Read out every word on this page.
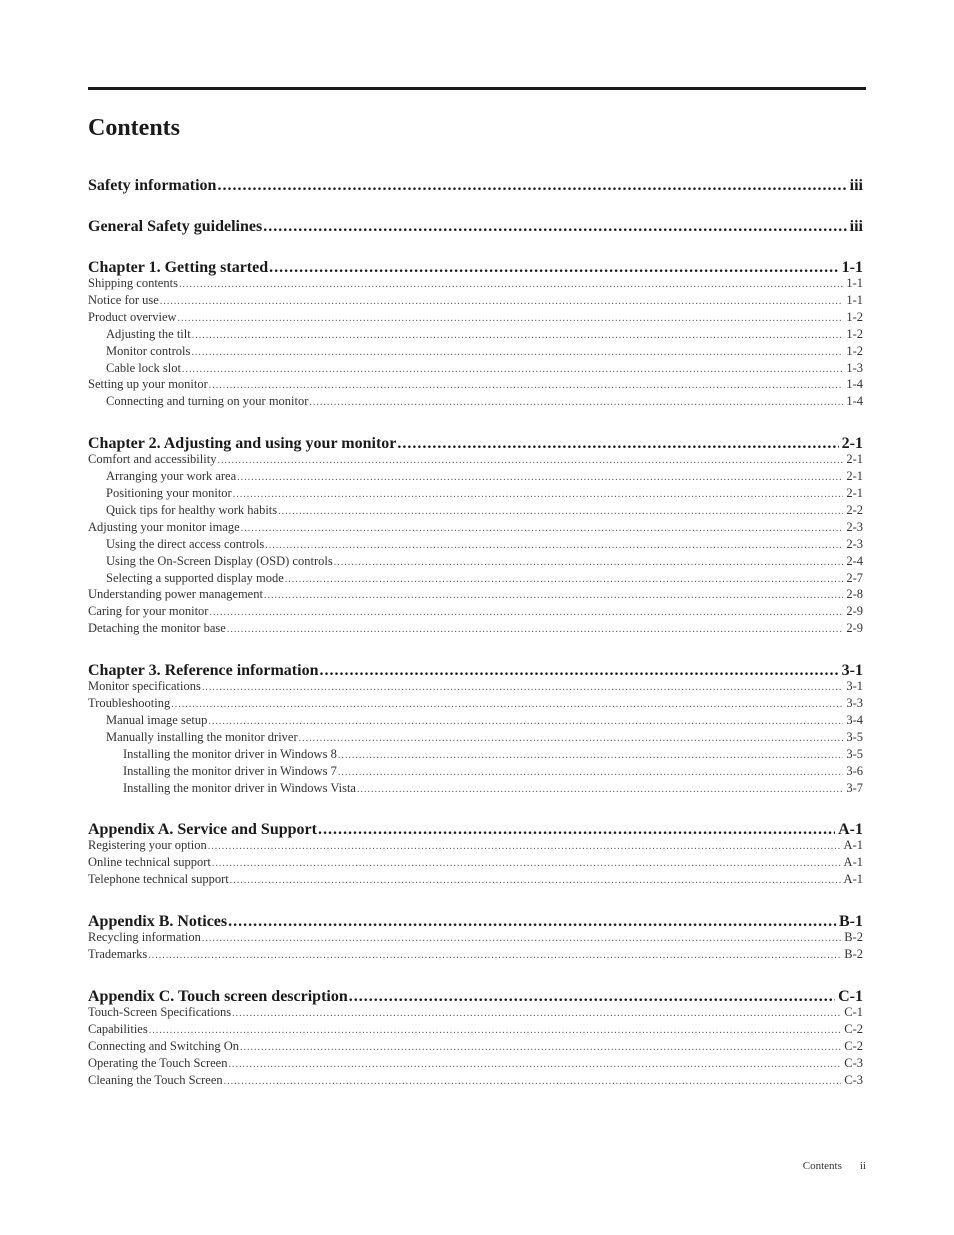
Contents
Safety information .....	iii
General Safety guidelines .....	iii
Chapter 1. Getting started .....	1-1
Shipping contents .....	1-1
Notice for use .....	1-1
Product overview .....	1-2
Adjusting the tilt .....	1-2
Monitor controls .....	1-2
Cable lock slot .....	1-3
Setting up your monitor .....	1-4
Connecting and turning on your monitor .....	1-4
Chapter 2. Adjusting and using your monitor .....	2-1
Comfort and accessibility .....	2-1
Arranging your work area .....	2-1
Positioning your monitor .....	2-1
Quick tips for healthy work habits .....	2-2
Adjusting your monitor image .....	2-3
Using the direct access controls .....	2-3
Using the On-Screen Display (OSD) controls .....	2-4
Selecting a supported display mode .....	2-7
Understanding power management .....	2-8
Caring for your monitor .....	2-9
Detaching the monitor base .....	2-9
Chapter 3. Reference information .....	3-1
Monitor specifications .....	3-1
Troubleshooting .....	3-3
Manual image setup .....	3-4
Manually installing the monitor driver .....	3-5
Installing the monitor driver in Windows 8 .....	3-5
Installing the monitor driver in Windows 7 .....	3-6
Installing the monitor driver in Windows Vista .....	3-7
Appendix A. Service and Support .....	A-1
Registering your option .....	A-1
Online technical support .....	A-1
Telephone technical support .....	A-1
Appendix B. Notices .....	B-1
Recycling information .....	B-2
Trademarks .....	B-2
Appendix C. Touch screen description .....	C-1
Touch-Screen Specifications .....	C-1
Capabilities .....	C-2
Connecting and Switching On .....	C-2
Operating the Touch Screen .....	C-3
Cleaning the Touch Screen .....	C-3
Contents ii
